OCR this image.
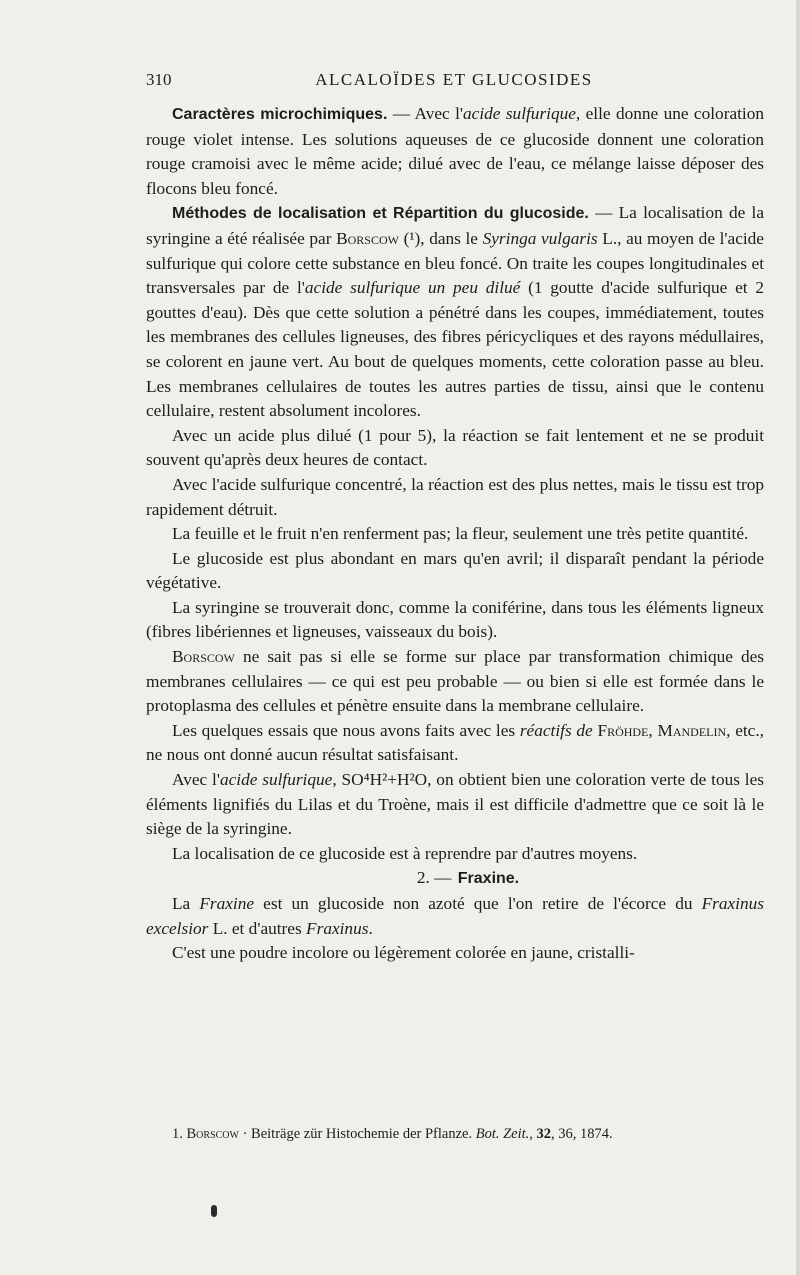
310	ALCALOÏDES ET GLUCOSIDES

Caractères microchimiques. — Avec l'acide sulfurique, elle donne une coloration rouge violet intense. Les solutions aqueuses de ce glucoside donnent une coloration rouge cramoisi avec le même acide; dilué avec de l'eau, ce mélange laisse déposer des flocons bleu foncé.

Méthodes de localisation et Répartition du glucoside. — La localisation de la syringine a été réalisée par Borscow (¹), dans le Syringa vulgaris L., au moyen de l'acide sulfurique qui colore cette substance en bleu foncé. On traite les coupes longitudinales et transversales par de l'acide sulfurique un peu dilué (1 goutte d'acide sulfurique et 2 gouttes d'eau). Dès que cette solution a pénétré dans les coupes, immédiatement, toutes les membranes des cellules ligneuses, des fibres péricycliques et des rayons médullaires, se colorent en jaune vert. Au bout de quelques moments, cette coloration passe au bleu. Les membranes cellulaires de toutes les autres parties de tissu, ainsi que le contenu cellulaire, restent absolument incolores.

Avec un acide plus dilué (1 pour 5), la réaction se fait lentement et ne se produit souvent qu'après deux heures de contact.

Avec l'acide sulfurique concentré, la réaction est des plus nettes, mais le tissu est trop rapidement détruit.

La feuille et le fruit n'en renferment pas; la fleur, seulement une très petite quantité.

Le glucoside est plus abondant en mars qu'en avril; il disparaît pendant la période végétative.

La syringine se trouverait donc, comme la coniférine, dans tous les éléments ligneux (fibres libériennes et ligneuses, vaisseaux du bois).

Borscow ne sait pas si elle se forme sur place par transformation chimique des membranes cellulaires — ce qui est peu probable — ou bien si elle est formée dans le protoplasma des cellules et pénètre ensuite dans la membrane cellulaire.

Les quelques essais que nous avons faits avec les réactifs de Fröhde, Mandelin, etc., ne nous ont donné aucun résultat satisfaisant.

Avec l'acide sulfurique, SO⁴H²+H²O, on obtient bien une coloration verte de tous les éléments lignifiés du Lilas et du Troène, mais il est difficile d'admettre que ce soit là le siège de la syringine.

La localisation de ce glucoside est à reprendre par d'autres moyens.

2. — Fraxine.

La Fraxine est un glucoside non azoté que l'on retire de l'écorce du Fraxinus excelsior L. et d'autres Fraxinus.

C'est une poudre incolore ou légèrement colorée en jaune, cristalli-

1. Borscow · Beiträge zür Histochemie der Pflanze. Bot. Zeit., 32, 36, 1874.
